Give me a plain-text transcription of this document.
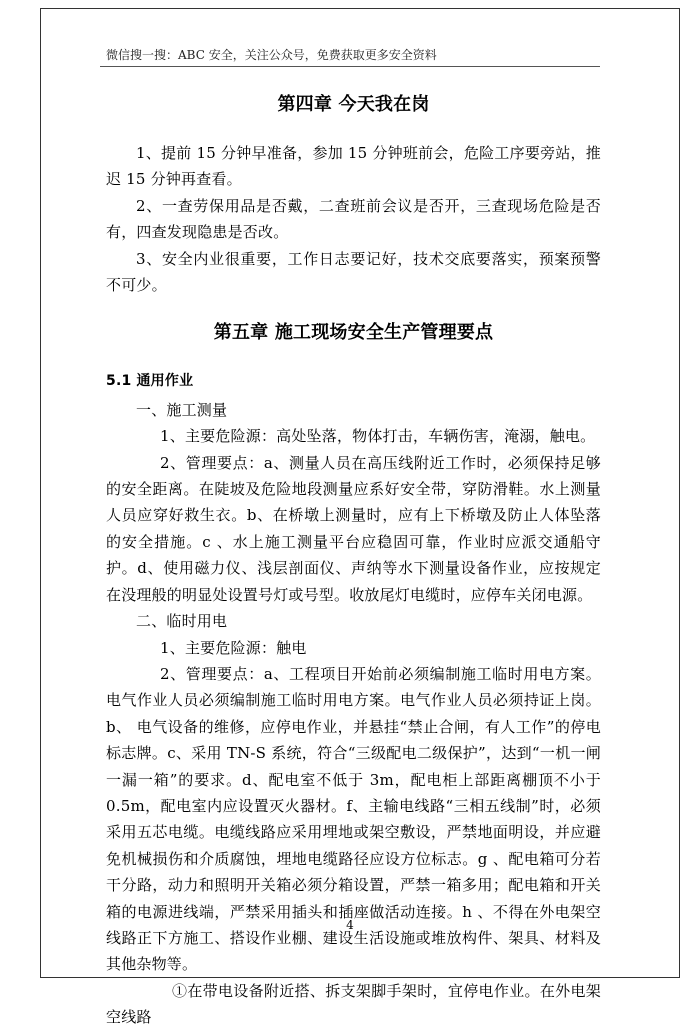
微信搜一搜：ABC 安全，关注公众号，免费获取更多安全资料

第四章 今天我在岗

1、提前 15 分钟早准备，参加 15 分钟班前会，危险工序要旁站，推迟 15 分钟再查看。

2、一查劳保用品是否戴，二查班前会议是否开，三查现场危险是否有，四查发现隐患是否改。

3、安全内业很重要，工作日志要记好，技术交底要落实，预案预警不可少。

第五章 施工现场安全生产管理要点

5.1 通用作业

一、施工测量

1、主要危险源：高处坠落，物体打击，车辆伤害，淹溺，触电。

2、管理要点：a、测量人员在高压线附近工作时，必须保持足够的安全距离。在陡坡及危险地段测量应系好安全带，穿防滑鞋。水上测量人员应穿好救生衣。b、在桥墩上测量时，应有上下桥墩及防止人体坠落的安全措施。c 、水上施工测量平台应稳固可靠，作业时应派交通船守护。d、使用磁力仪、浅层剖面仪、声纳等水下测量设备作业，应按规定在没理般的明显处设置号灯或号型。收放尾灯电缆时，应停车关闭电源。

二、临时用电

1、主要危险源：触电

2、管理要点：a、工程项目开始前必须编制施工临时用电方案。电气作业人员必须编制施工临时用电方案。电气作业人员必须持证上岗。b、 电气设备的维修，应停电作业，并悬挂“禁止合闸，有人工作”的停电标志牌。c、采用 TN-S 系统，符合“三级配电二级保护”，达到“一机一闸一漏一箱”的要求。d、配电室不低于 3m，配电柜上部距离棚顶不小于 0.5m，配电室内应设置灭火器材。f、主输电线路“三相五线制”时，必须采用五芯电缆。电缆线路应采用埋地或架空敷设，严禁地面明设，并应避免机械损伤和介质腐蚀，埋地电缆路径应设方位标志。g 、配电箱可分若干分路，动力和照明开关箱必须分箱设置，严禁一箱多用；配电箱和开关箱的电源进线端，严禁采用插头和插座做活动连接。h 、不得在外电架空线路正下方施工、搭设作业棚、建设生活设施或堆放构件、架具、材料及其他杂物等。

①在带电设备附近搭、拆支架脚手架时，宜停电作业。在外电架空线路

4
